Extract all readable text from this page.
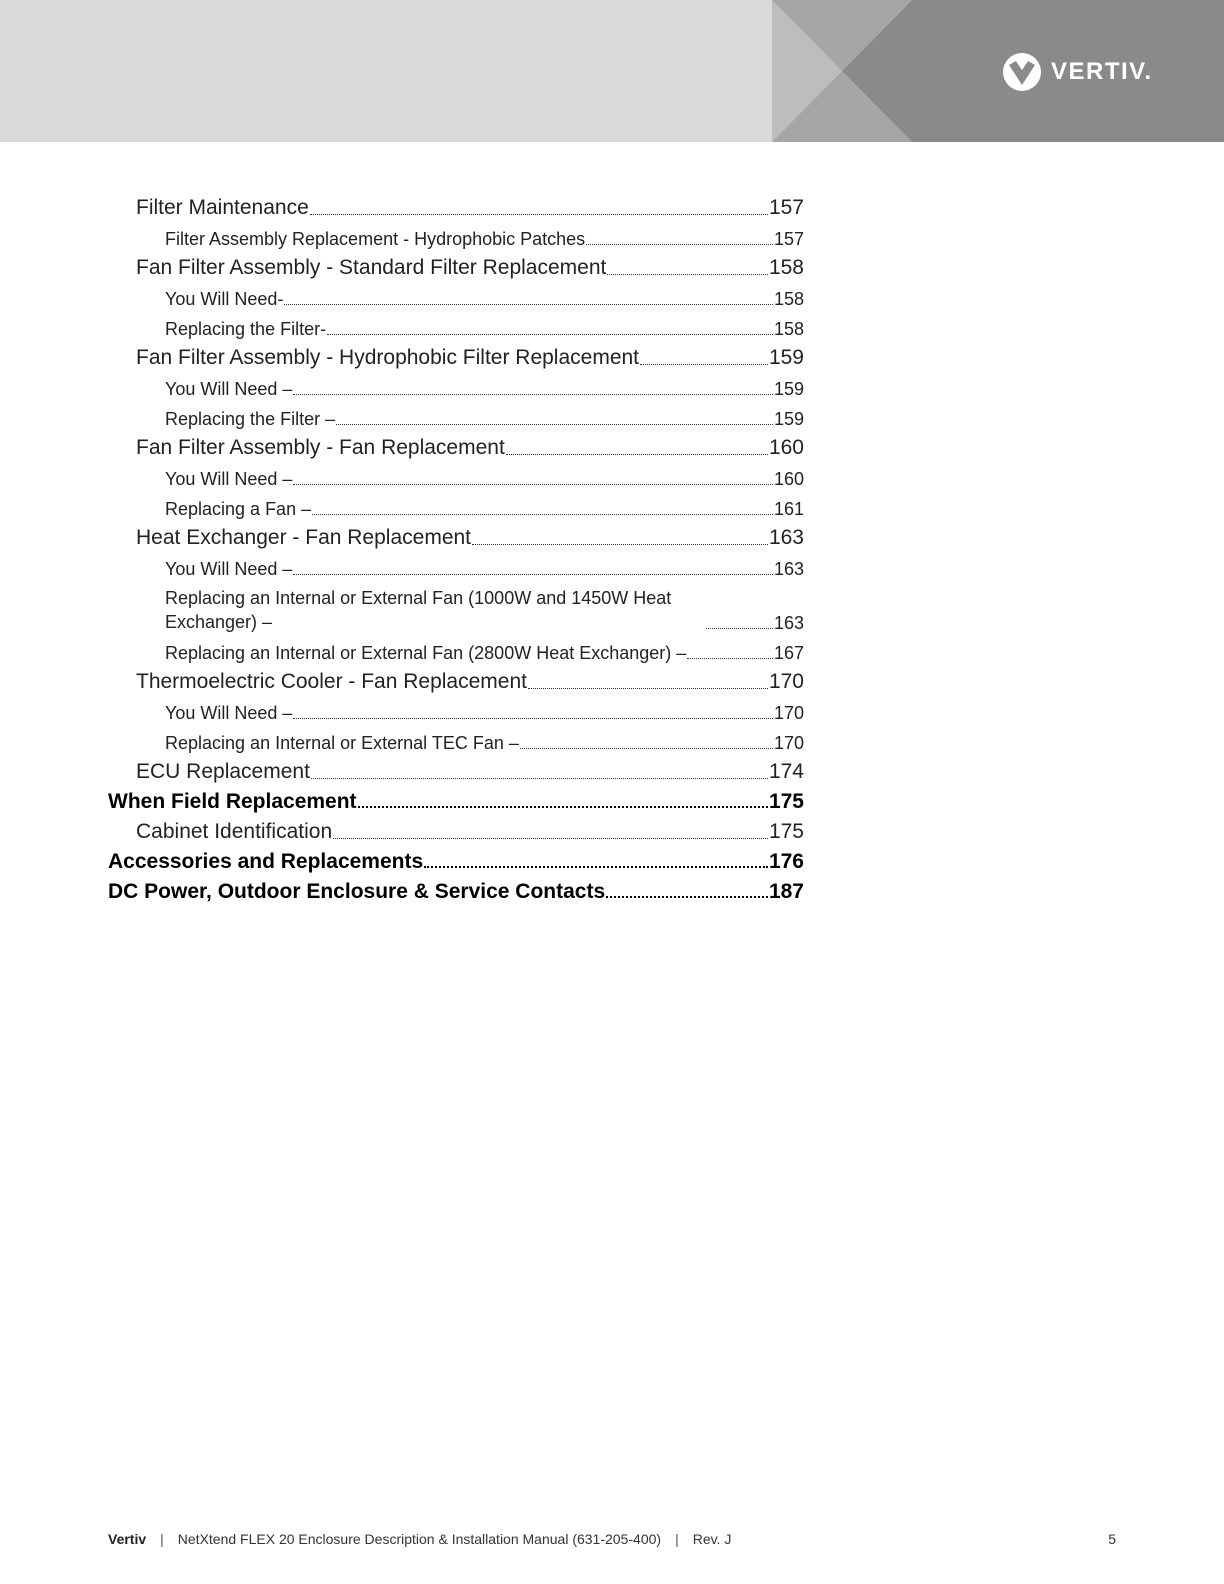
VERTIV.
Filter Maintenance	157
Filter Assembly Replacement - Hydrophobic Patches	157
Fan Filter Assembly - Standard Filter Replacement	158
You Will Need-	158
Replacing the Filter-	158
Fan Filter Assembly - Hydrophobic Filter Replacement	159
You Will Need –	159
Replacing the Filter –	159
Fan Filter Assembly - Fan Replacement	160
You Will Need –	160
Replacing a Fan –	161
Heat Exchanger - Fan Replacement	163
You Will Need –	163
Replacing an Internal or External Fan (1000W and 1450W Heat Exchanger) –	163
Replacing an Internal or External Fan (2800W Heat Exchanger) –	167
Thermoelectric Cooler - Fan Replacement	170
You Will Need –	170
Replacing an Internal or External TEC Fan –	170
ECU Replacement	174
When Field Replacement	175
Cabinet Identification	175
Accessories and Replacements	176
DC Power, Outdoor Enclosure & Service Contacts	187
Vertiv | NetXtend FLEX 20 Enclosure Description & Installation Manual (631-205-400) | Rev. J	5
